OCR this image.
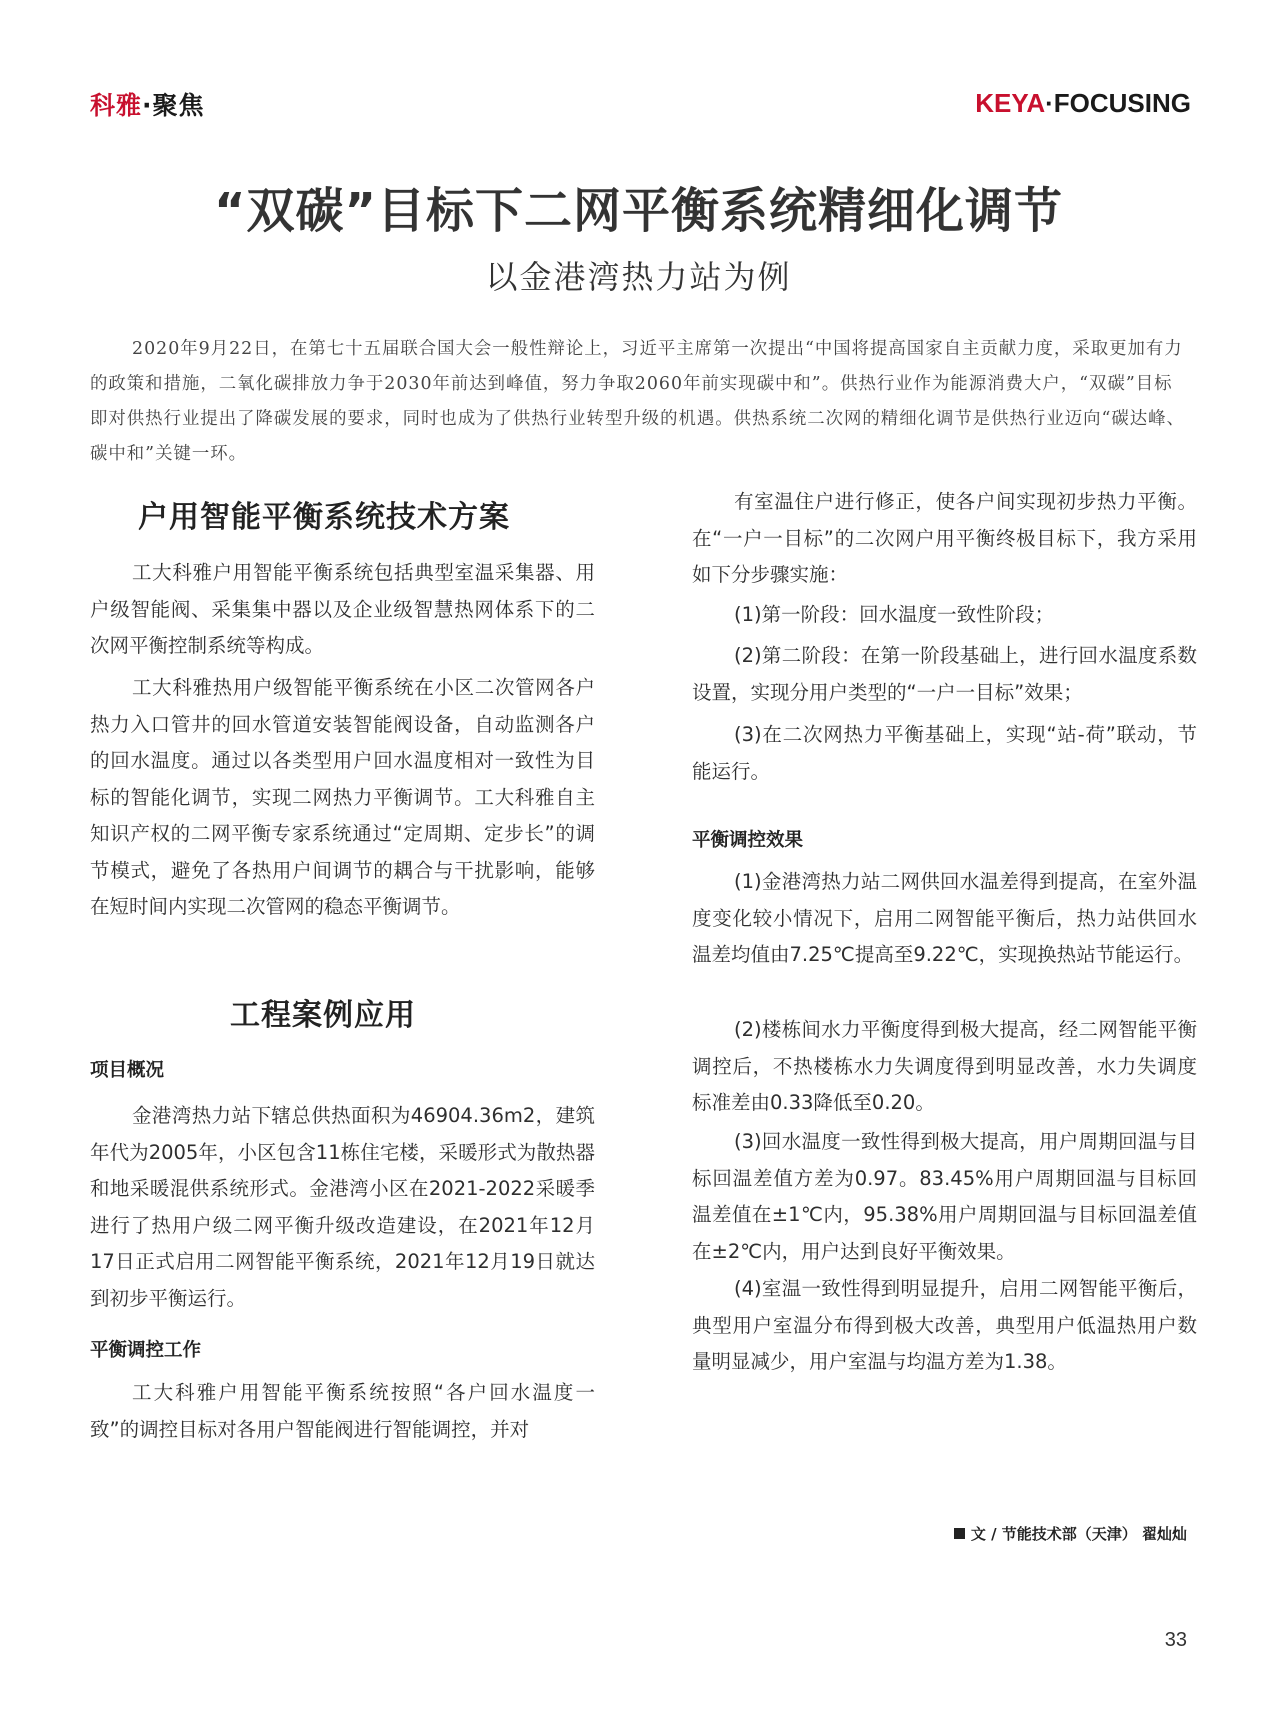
科雅·聚焦	KEYA·FOCUSING
“双碳”目标下二网平衡系统精细化调节
以金港湾热力站为例

2020年9月22日，在第七十五届联合国大会一般性辩论上，习近平主席第一次提出“中国将提高国家自主贡献力度，采取更加有力的政策和措施，二氧化碳排放力争于2030年前达到峰值，努力争取2060年前实现碳中和”。供热行业作为能源消费大户，“双碳”目标即对供热行业提出了降碳发展的要求，同时也成为了供热行业转型升级的机遇。供热系统二次网的精细化调节是供热行业迈向“碳达峰、碳中和”关键一环。

户用智能平衡系统技术方案

工大科雅户用智能平衡系统包括典型室温采集器、用户级智能阀、采集集中器以及企业级智慧热网体系下的二次网平衡控制系统等构成。

工大科雅热用户级智能平衡系统在小区二次管网各户热力入口管井的回水管道安装智能阀设备，自动监测各户的回水温度。通过以各类型用户回水温度相对一致性为目标的智能化调节，实现二网热力平衡调节。工大科雅自主知识产权的二网平衡专家系统通过“定周期、定步长”的调节模式，避免了各热用户间调节的耦合与干扰影响，能够在短时间内实现二次管网的稳态平衡调节。

工程案例应用
项目概况

金港湾热力站下辖总供热面积为46904.36m2，建筑年代为2005年，小区包含11栋住宅楼，采暖形式为散热器和地采暖混供系统形式。金港湾小区在2021-2022采暖季进行了热用户级二网平衡升级改造建设，在2021年12月17日正式启用二网智能平衡系统，2021年12月19日就达到初步平衡运行。

平衡调控工作

工大科雅户用智能平衡系统按照“各户回水温度一致”的调控目标对各用户智能阀进行智能调控，并对

有室温住户进行修正，使各户间实现初步热力平衡。在“一户一目标”的二次网户用平衡终极目标下，我方采用如下分步骤实施：

(1)第一阶段：回水温度一致性阶段；

(2)第二阶段：在第一阶段基础上，进行回水温度系数设置，实现分用户类型的“一户一目标”效果；

(3)在二次网热力平衡基础上，实现“站-荷”联动，节能运行。

平衡调控效果

(1)金港湾热力站二网供回水温差得到提高，在室外温度变化较小情况下，启用二网智能平衡后，热力站供回水温差均值由7.25℃提高至9.22℃，实现换热站节能运行。

(2)楼栋间水力平衡度得到极大提高，经二网智能平衡调控后，不热楼栋水力失调度得到明显改善，水力失调度标准差由0.33降低至0.20。

(3)回水温度一致性得到极大提高，用户周期回温与目标回温差值方差为0.97。83.45%用户周期回温与目标回温差值在±1℃内，95.38%用户周期回温与目标回温差值在±2℃内，用户达到良好平衡效果。

(4)室温一致性得到明显提升，启用二网智能平衡后，典型用户室温分布得到极大改善，典型用户低温热用户数量明显减少，用户室温与均温方差为1.38。

文 / 节能技术部（天津） 翟灿灿
33
